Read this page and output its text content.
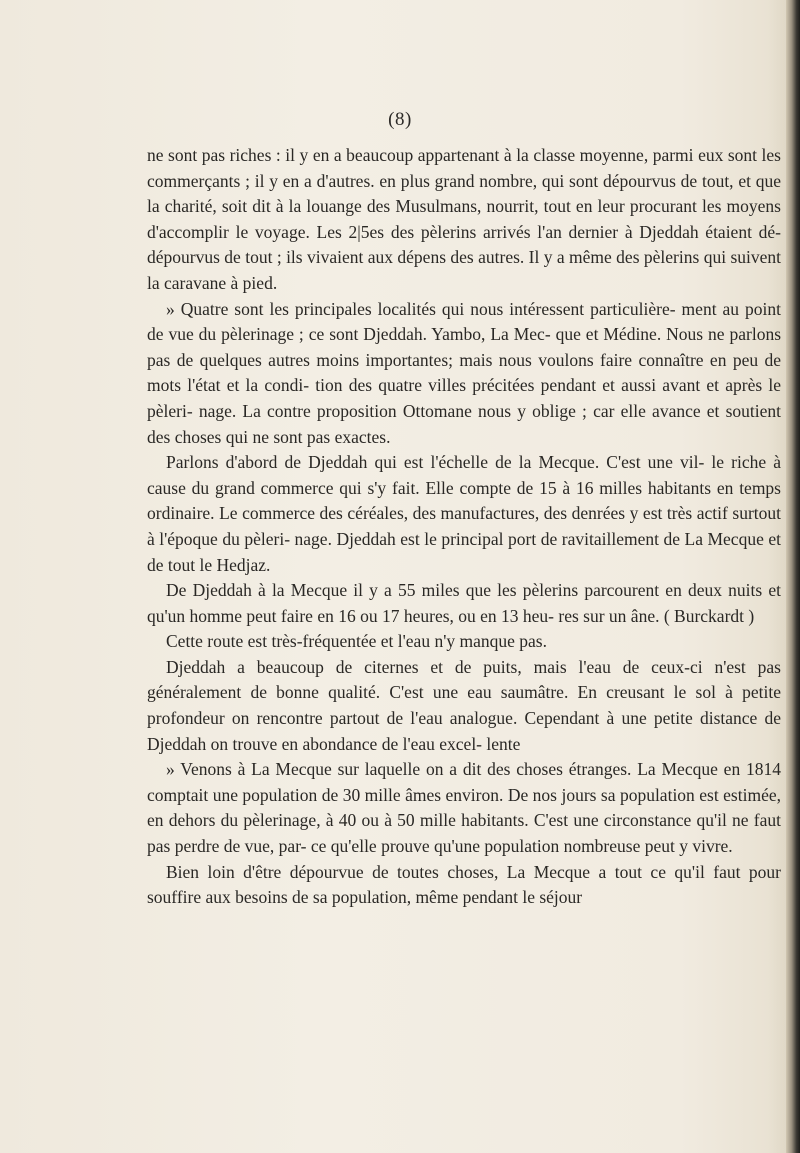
(8)

ne sont pas riches : il y en a beaucoup appartenant à la classe moyenne, parmi eux sont les commerçants ; il y en a d'autres. en plus grand nombre, qui sont dépourvus de tout, et que la charité, soit dit à la louange des Musulmans, nourrit, tout en leur procurant les moyens d'accomplir le voyage. Les 2|5es des pèlerins arrivés l'an dernier à Djeddah étaient dé- dépourvus de tout ; ils vivaient aux dépens des autres. Il y a même des pèlerins qui suivent la caravane à pied.

» Quatre sont les principales localités qui nous intéressent particulière- ment au point de vue du pèlerinage ; ce sont Djeddah. Yambo, La Mec- que et Médine. Nous ne parlons pas de quelques autres moins importantes; mais nous voulons faire connaître en peu de mots l'état et la condi- tion des quatre villes précitées pendant et aussi avant et après le pèleri- nage. La contre proposition Ottomane nous y oblige ; car elle avance et soutient des choses qui ne sont pas exactes.

Parlons d'abord de Djeddah qui est l'échelle de la Mecque. C'est une vil- le riche à cause du grand commerce qui s'y fait. Elle compte de 15 à 16 milles habitants en temps ordinaire. Le commerce des céréales, des manufactures, des denrées y est très actif surtout à l'époque du pèleri- nage. Djeddah est le principal port de ravitaillement de La Mecque et de tout le Hedjaz.

De Djeddah à la Mecque il y a 55 miles que les pèlerins parcourent en deux nuits et qu'un homme peut faire en 16 ou 17 heures, ou en 13 heu- res sur un âne. ( Burckardt )

Cette route est très-fréquentée et l'eau n'y manque pas.

Djeddah a beaucoup de citernes et de puits, mais l'eau de ceux-ci n'est pas généralement de bonne qualité. C'est une eau saumâtre. En creusant le sol à petite profondeur on rencontre partout de l'eau analogue. Cependant à une petite distance de Djeddah on trouve en abondance de l'eau excel- lente

» Venons à La Mecque sur laquelle on a dit des choses étranges. La Mecque en 1814 comptait une population de 30 mille âmes environ. De nos jours sa population est estimée, en dehors du pèlerinage, à 40 ou à 50 mille habitants. C'est une circonstance qu'il ne faut pas perdre de vue, par- ce qu'elle prouve qu'une population nombreuse peut y vivre.

Bien loin d'être dépourvue de toutes choses, La Mecque a tout ce qu'il faut pour souffire aux besoins de sa population, même pendant le séjour
